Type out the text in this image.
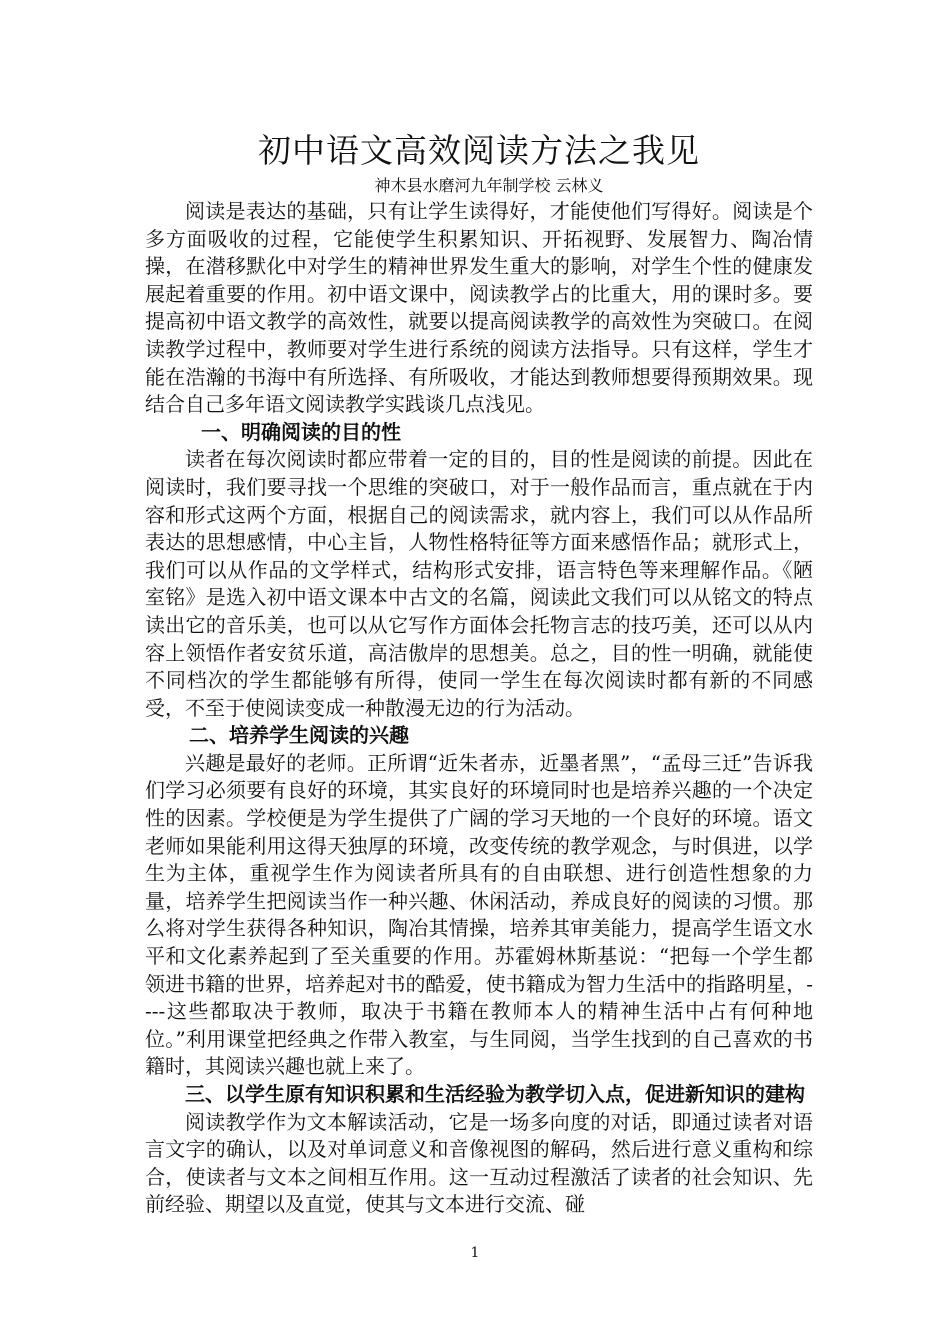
初中语文高效阅读方法之我见

神木县水磨河九年制学校 云林义

阅读是表达的基础，只有让学生读得好，才能使他们写得好。阅读是个多方面吸收的过程，它能使学生积累知识、开拓视野、发展智力、陶冶情操，在潜移默化中对学生的精神世界发生重大的影响，对学生个性的健康发展起着重要的作用。初中语文课中，阅读教学占的比重大，用的课时多。要提高初中语文教学的高效性，就要以提高阅读教学的高效性为突破口。在阅读教学过程中，教师要对学生进行系统的阅读方法指导。只有这样，学生才能在浩瀚的书海中有所选择、有所吸收，才能达到教师想要得预期效果。现结合自己多年语文阅读教学实践谈几点浅见。

一、明确阅读的目的性

读者在每次阅读时都应带着一定的目的，目的性是阅读的前提。因此在阅读时，我们要寻找一个思维的突破口，对于一般作品而言，重点就在于内容和形式这两个方面，根据自己的阅读需求，就内容上，我们可以从作品所表达的思想感情，中心主旨，人物性格特征等方面来感悟作品；就形式上，我们可以从作品的文学样式，结构形式安排，语言特色等来理解作品。《陋室铭》是选入初中语文课本中古文的名篇，阅读此文我们可以从铭文的特点读出它的音乐美，也可以从它写作方面体会托物言志的技巧美，还可以从内容上领悟作者安贫乐道，高洁傲岸的思想美。总之，目的性一明确，就能使不同档次的学生都能够有所得，使同一学生在每次阅读时都有新的不同感受，不至于使阅读变成一种散漫无边的行为活动。

二、培养学生阅读的兴趣

兴趣是最好的老师。正所谓“近朱者赤，近墨者黑”，“孟母三迁”告诉我们学习必须要有良好的环境，其实良好的环境同时也是培养兴趣的一个决定性的因素。学校便是为学生提供了广阔的学习天地的一个良好的环境。语文老师如果能利用这得天独厚的环境，改变传统的教学观念，与时俱进，以学生为主体，重视学生作为阅读者所具有的自由联想、进行创造性想象的力量，培养学生把阅读当作一种兴趣、休闲活动，养成良好的阅读的习惯。那么将对学生获得各种知识，陶冶其情操，培养其审美能力，提高学生语文水平和文化素养起到了至关重要的作用。苏霍姆林斯基说：“把每一个学生都领进书籍的世界，培养起对书的酷爱，使书籍成为智力生活中的指路明星，----这些都取决于教师，取决于书籍在教师本人的精神生活中占有何种地位。”利用课堂把经典之作带入教室，与生同阅，当学生找到的自己喜欢的书籍时，其阅读兴趣也就上来了。

三、以学生原有知识积累和生活经验为教学切入点，促进新知识的建构

阅读教学作为文本解读活动，它是一场多向度的对话，即通过读者对语言文字的确认，以及对单词意义和音像视图的解码，然后进行意义重构和综合，使读者与文本之间相互作用。这一互动过程激活了读者的社会知识、先前经验、期望以及直觉，使其与文本进行交流、碰

1
